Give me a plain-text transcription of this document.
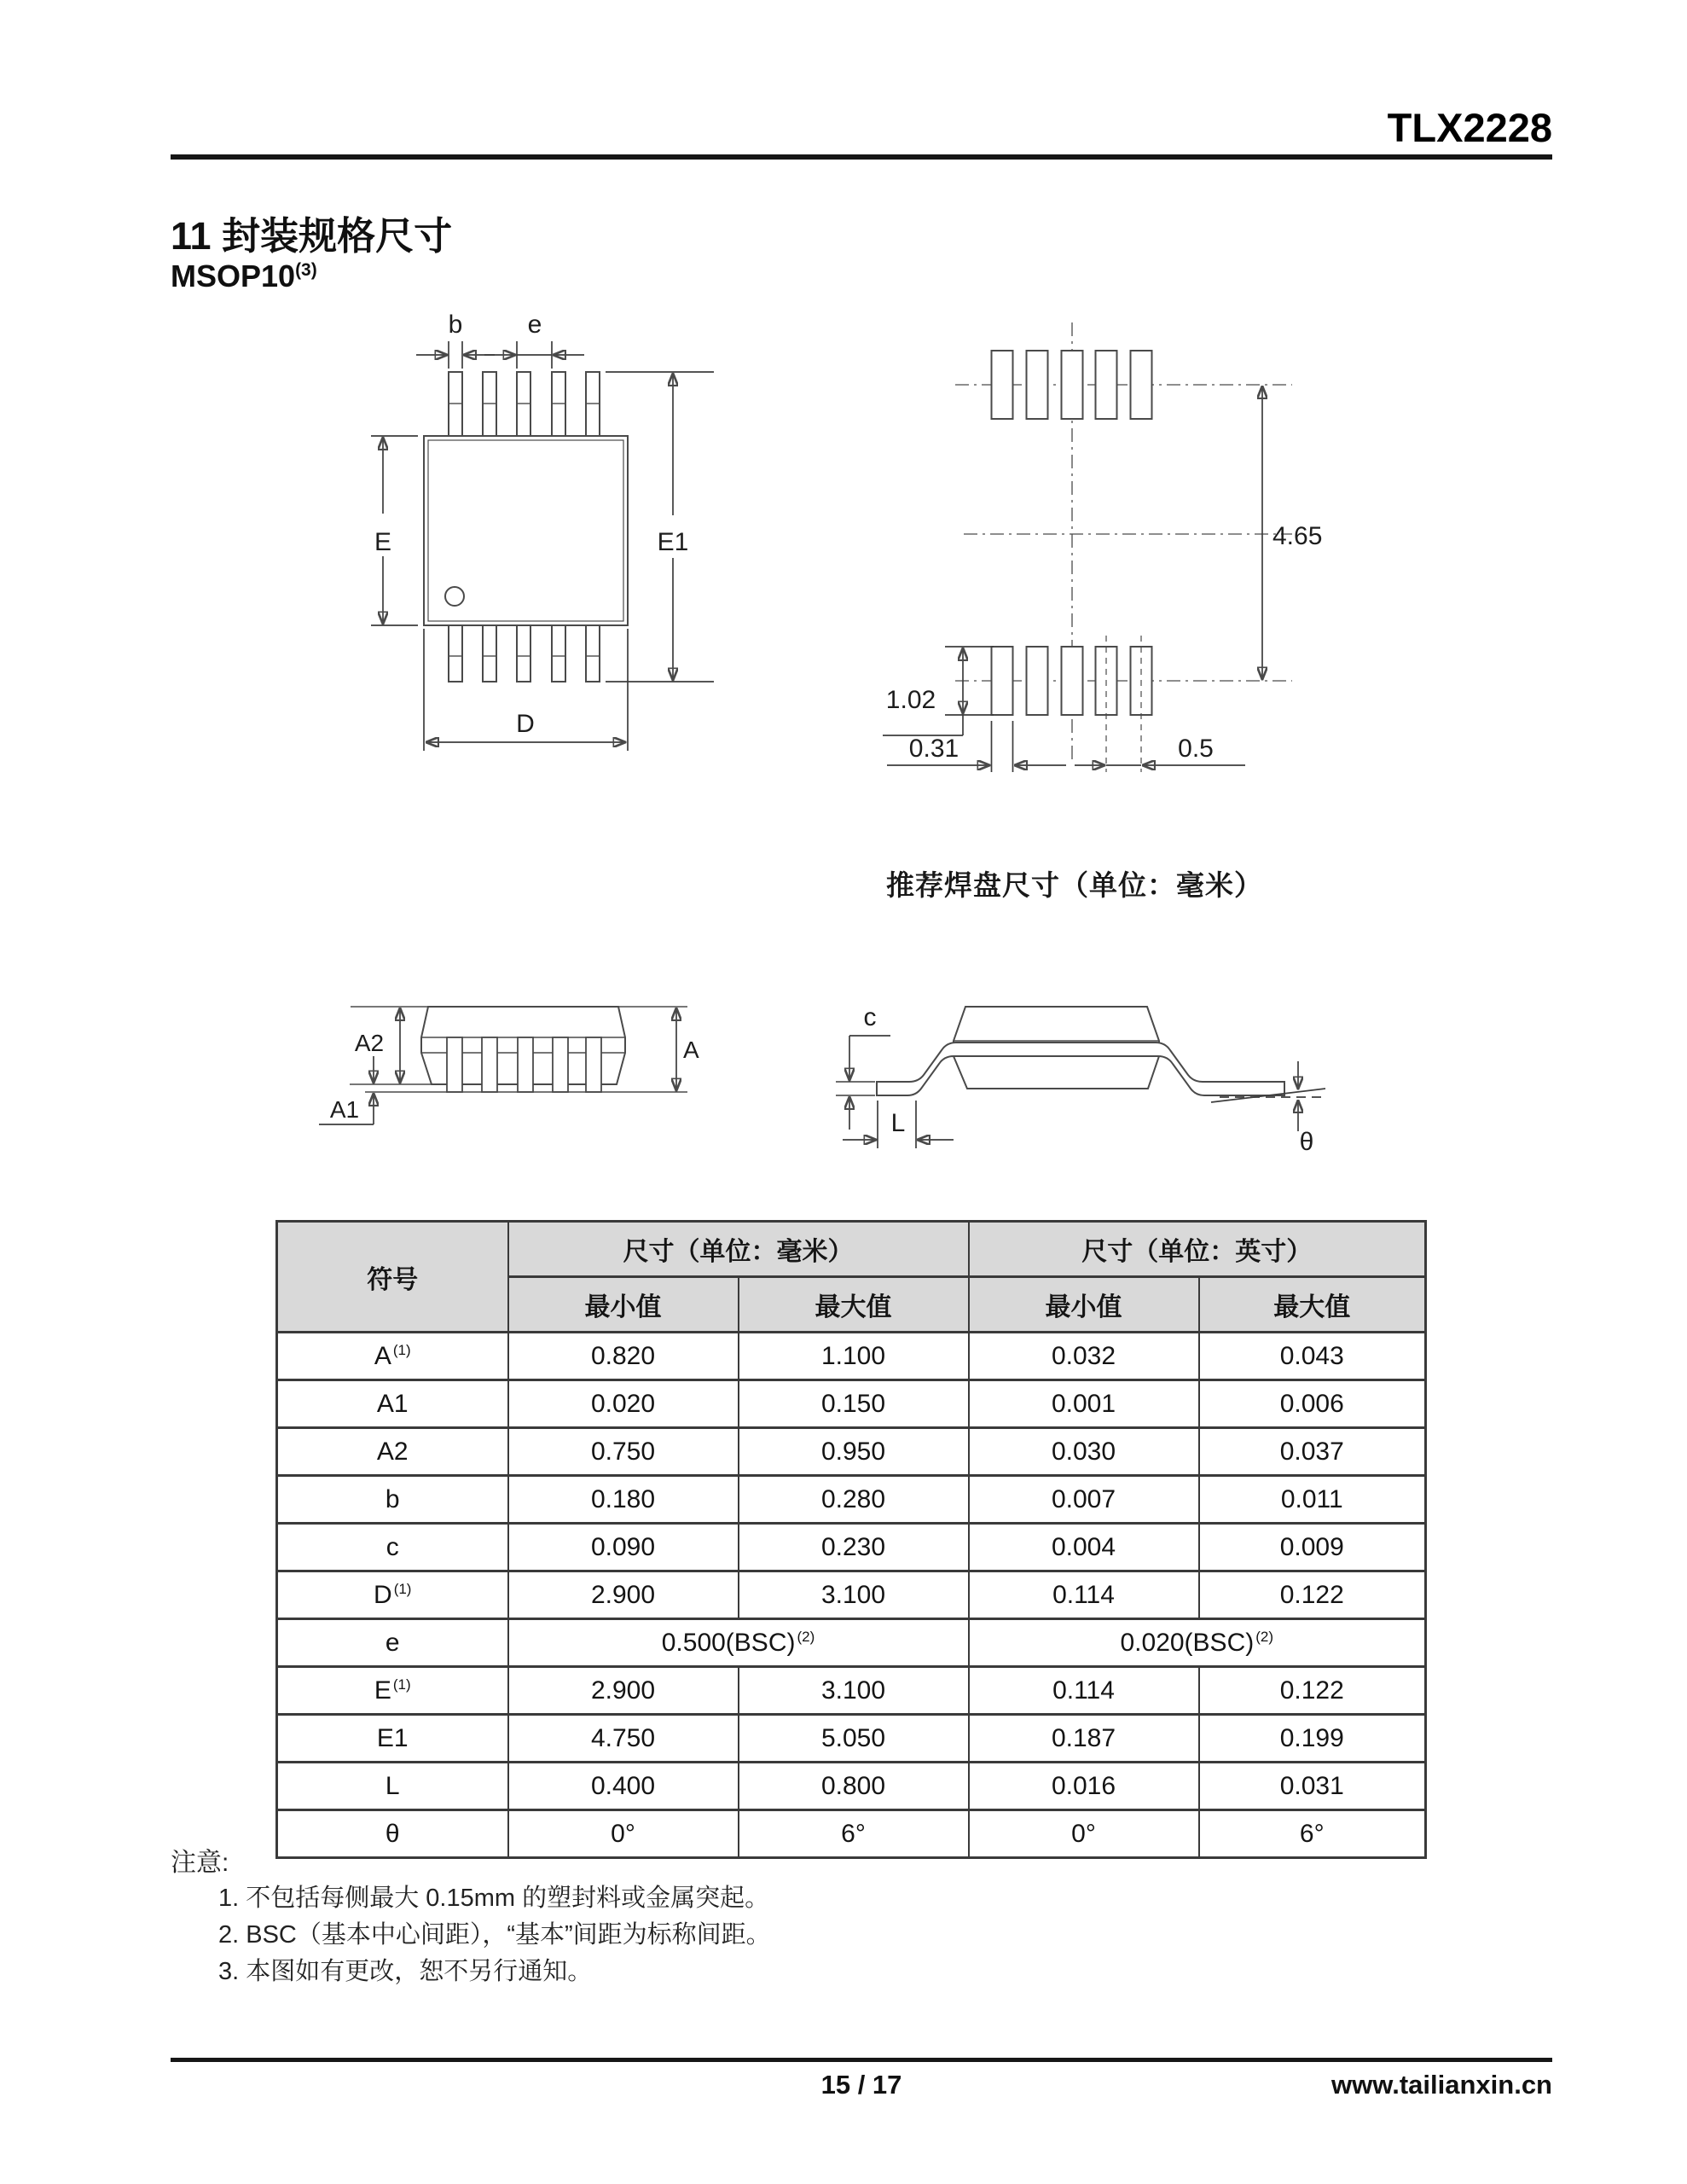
TLX2228
11 封装规格尺寸
MSOP10$^{(3)}$
b	e
E	E1
D
4.65
1.02
0.31	0.5
推荐焊盘尺寸（单位：毫米）
A2
A1
A
c
L
θ
符号	尺寸（单位：毫米）		尺寸（单位：英寸）	
	最小值	最大值	最小值	最大值
A $^{(1)}$	0.820	1.100	0.032	0.043
A1	0.020	0.150	0.001	0.006
A2	0.750	0.950	0.030	0.037
b	0.180	0.280	0.007	0.011
c	0.090	0.230	0.004	0.009
D $^{(1)}$	2.900	3.100	0.114	0.122
e	0.500(BSC) $^{(2)}$		0.020(BSC) $^{(2)}$
E $^{(1)}$	2.900	3.100	0.114	0.122
E1	4.750	5.050	0.187	0.199
L	0.400	0.800	0.016	0.031
θ	0°	6°	0°	6°
注意:
1. 不包括每侧最大 0.15mm 的塑封料或金属突起。
2. BSC（基本中心间距），“基本”间距为标称间距。
3. 本图如有更改，恕不另行通知。
15 / 17	www.tailianxin.cn
